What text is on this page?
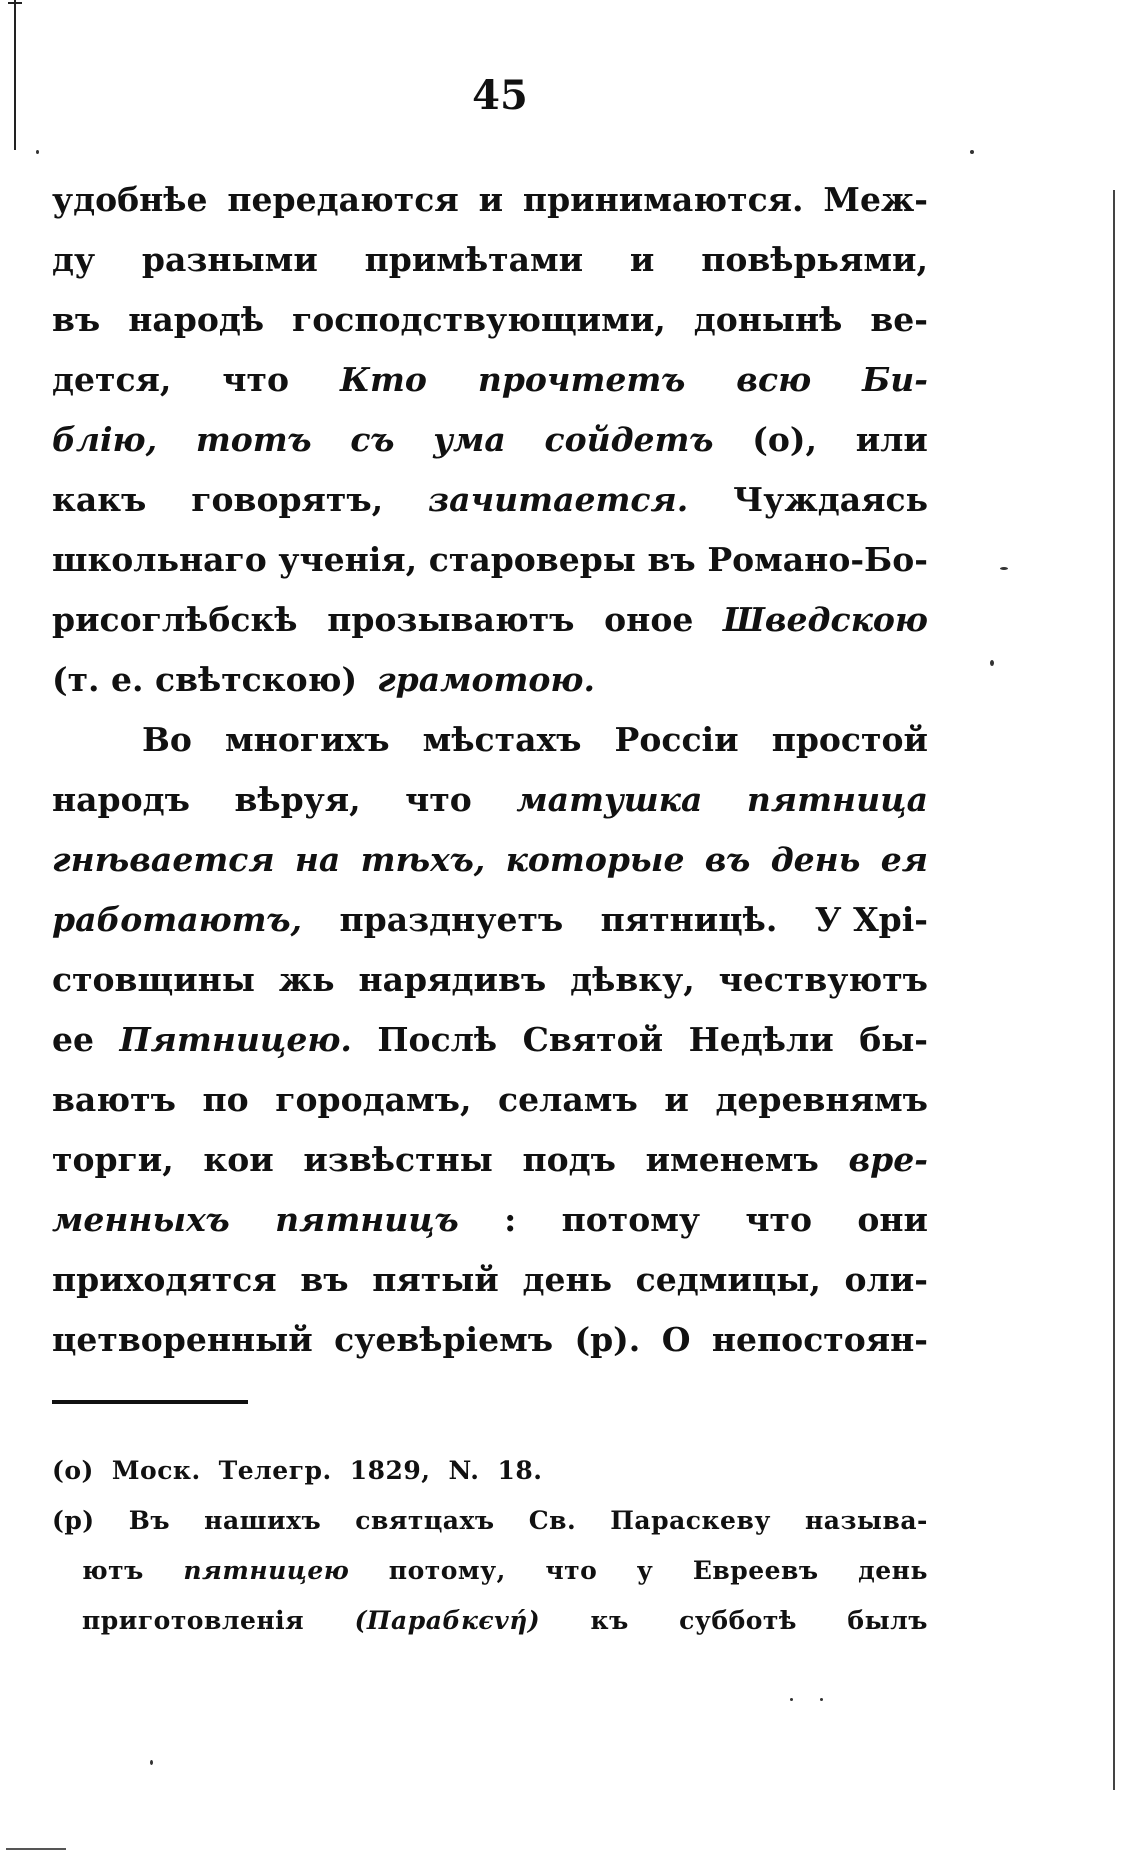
45
удобнѣе передаются и принимаются. Меж-
ду разными примѣтами и повѣрьями,
въ народѣ господствующими, донынѣ ве-
дется, что Кто прочтетъ всю Би-
блію, тотъ съ ума сойдетъ (о), или
какъ говорятъ, зачитается. Чуждаясь
школьнаго ученія, староверы въ Романо-Бо-
рисоглѣбскѣ прозываютъ оное Шведскою
(т. е. свѣтскою) грамотою.
Во многихъ мѣстахъ Россіи простой
народъ вѣруя, что матушка пятница
гнѣвается на тѣхъ, которые въ день ея
работаютъ, празднуетъ пятницѣ. У Хрі-
стовщины жь нарядивъ дѣвку, чествуютъ
ее Пятницею. Послѣ Святой Недѣли бы-
ваютъ по городамъ, селамъ и деревнямъ
торги, кои извѣстны подъ именемъ вре-
менныхъ пятницъ : потому что они
приходятся въ пятый день седмицы, оли-
цетворенный суевѣріемъ (р). О непостоян-
(о) Моск. Телегр. 1829, N. 18.
(р) Въ нашихъ святцахъ Св. Параскеву называ-
ютъ пятницею потому, что у Евреевъ день
приготовленія (Парабкєvή) къ субботѣ былъ
